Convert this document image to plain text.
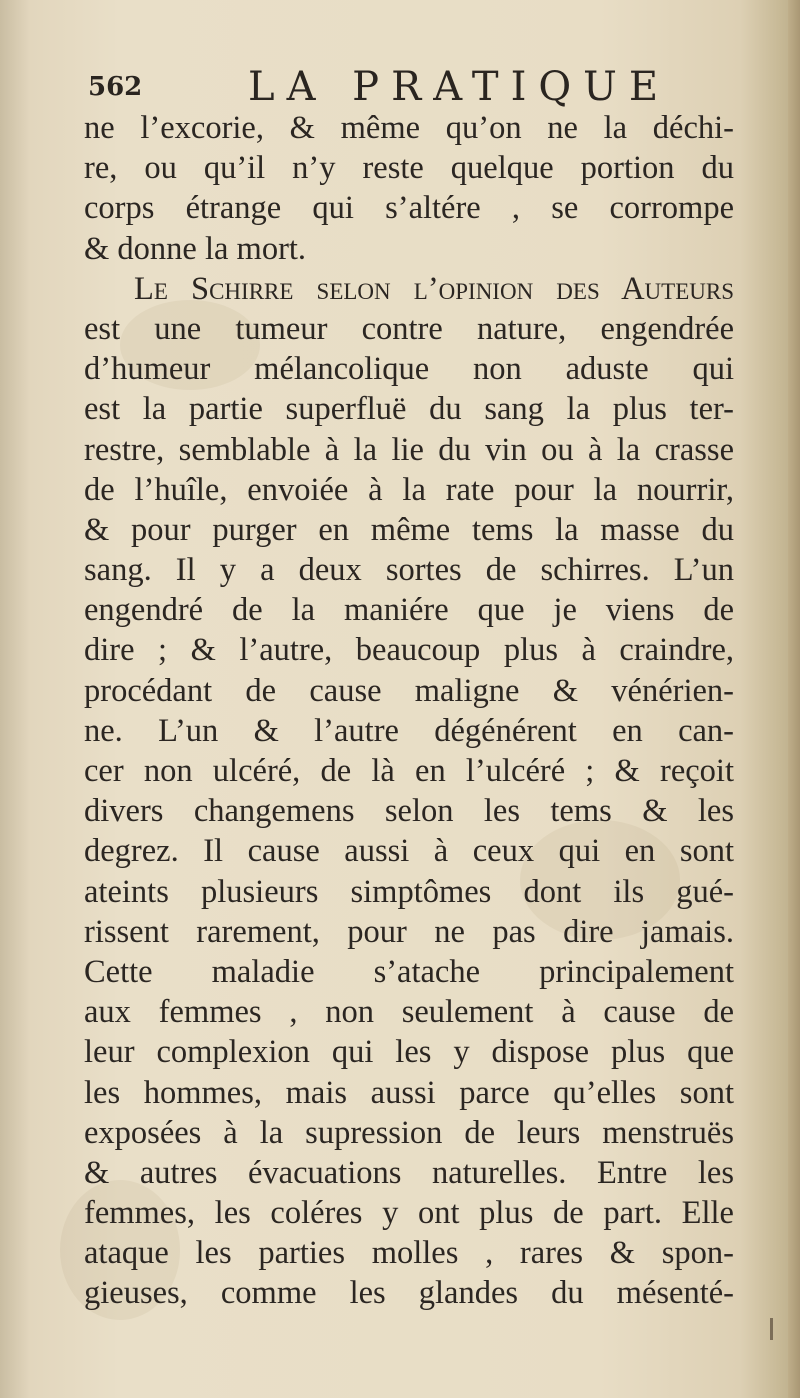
562	LA PRATIQUE
ne l’excorie, & même qu’on ne la déchi-
re, ou qu’il n’y reste quelque portion du
corps étrange qui s’altére , se corrompe
& donne la mort.
Le Schirre selon l’opinion des Auteurs
est une tumeur contre nature, engendrée
d’humeur mélancolique non aduste qui
est la partie superfluë du sang la plus ter-
restre, semblable à la lie du vin ou à la crasse
de l’huîle, envoiée à la rate pour la nourrir,
& pour purger en même tems la masse du
sang. Il y a deux sortes de schirres. L’un
engendré de la maniére que je viens de
dire ; & l’autre, beaucoup plus à craindre,
procédant de cause maligne & vénérien-
ne. L’un & l’autre dégénérent en can-
cer non ulcéré, de là en l’ulcéré ; & reçoit
divers changemens selon les tems & les
degrez. Il cause aussi à ceux qui en sont
ateints plusieurs simptômes dont ils gué-
rissent rarement, pour ne pas dire jamais.
Cette maladie s’atache principalement
aux femmes , non seulement à cause de
leur complexion qui les y dispose plus que
les hommes, mais aussi parce qu’elles sont
exposées à la supression de leurs menstruës
& autres évacuations naturelles. Entre les
femmes, les coléres y ont plus de part. Elle
ataque les parties molles , rares & spon-
gieuses, comme les glandes du mésenté-
